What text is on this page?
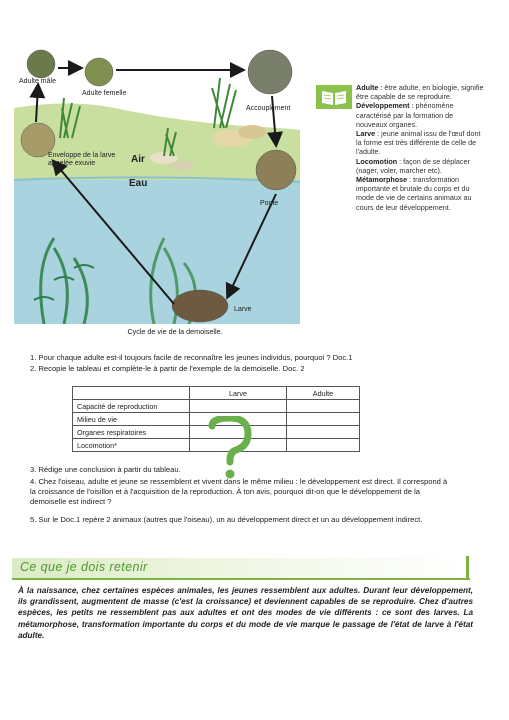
Adulte mâle
Adulte femelle
Accouplement
Enveloppe de la larve appelée exuvie	Air
Eau
Ponte
Larve
Cycle de vie de la demoiselle.

Adulte : être adulte, en biologie, signifie être capable de se reproduire.

Développement : phénomène caractérisé par la formation de nouveaux organes.

Larve : jeune animal issu de l'œuf dont la forme est très différente de celle de l'adulte.

Locomotion : façon de se déplacer (nager, voler, marcher etc).

Métamorphose : transformation importante et brutale du corps et du mode de vie de certains animaux au cours de leur développement.

1. Pour chaque adulte est-il toujours facile de reconnaître les jeunes individus, pourquoi ? Doc.1
2. Recopie le tableau et complète-le à partir de l'exemple de la demoiselle. Doc. 2
	Larve	Adulte
Capacité de reproduction		
Milieu de vie		
Organes respiratoires		
Locomotion*		
3. Rédige une conclusion à partir du tableau.
4. Chez l'oiseau, adulte et jeune se ressemblent et vivent dans le même milieu : le développement est direct. Il correspond à la croissance de l'oisillon et à l'acquisition de la reproduction. À ton avis, pourquoi dit-on que le développement de la demoiselle est indirect ?
5. Sur le Doc.1 repère 2 animaux (autres que l'oiseau), un au développement direct et un au développement indirect.
Ce que je dois retenir
À la naissance, chez certaines espèces animales, les jeunes ressemblent aux adultes. Durant leur développement, ils grandissent, augmentent de masse (c'est la croissance) et deviennent capables de se reproduire. Chez d'autres espèces, les petits ne ressemblent pas aux adultes et ont des modes de vie différents : ce sont des larves. La métamorphose, transformation importante du corps et du mode de vie marque le passage de l'état de larve à l'état adulte.
